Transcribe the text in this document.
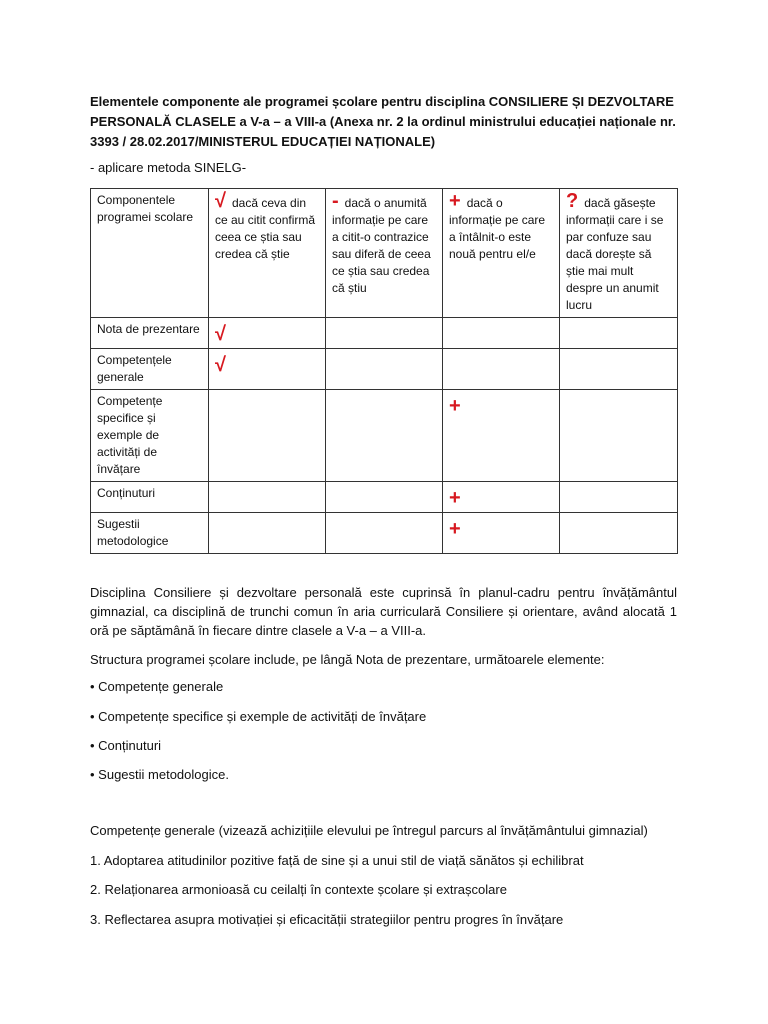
Elementele componente ale programei școlare pentru disciplina CONSILIERE ȘI DEZVOLTARE PERSONALĂ CLASELE a V-a – a VIII-a (Anexa nr. 2 la ordinul ministrului educației naționale nr. 3393 / 28.02.2017/MINISTERUL EDUCAȚIEI NAȚIONALE)
- aplicare metoda SINELG-
Componentele programei scolare	√ dacă ceva din ce au citit confirmă ceea ce știa sau credea că știe	- dacă o anumită informație pe care a citit-o contrazice sau diferă de ceea ce știa sau credea că știu	+ dacă o informație pe care a întâlnit-o este nouă pentru el/e	? dacă găsește informații care i se par confuze sau dacă dorește să știe mai mult despre un anumit lucru
Nota de prezentare	√			
Competențele generale	√			
Competențe specifice și exemple de activități de învățare			+	
Conținuturi			+	
Sugestii metodologice			+	
Disciplina Consiliere și dezvoltare personală este cuprinsă în planul-cadru pentru învățământul gimnazial, ca disciplină de trunchi comun în aria curriculară Consiliere și orientare, având alocată 1 oră pe săptămână în fiecare dintre clasele a V-a – a VIII-a.
Structura programei școlare include, pe lângă Nota de prezentare, următoarele elemente:
• Competențe generale
• Competențe specifice și exemple de activități de învățare
• Conținuturi
• Sugestii metodologice.
Competențe generale (vizează achizițiile elevului pe întregul parcurs al învățământului gimnazial)
1. Adoptarea atitudinilor pozitive față de sine și a unui stil de viață sănătos și echilibrat
2. Relaționarea armonioasă cu ceilalți în contexte școlare și extrașcolare
3. Reflectarea asupra motivației și eficacității strategiilor pentru progres în învățare
